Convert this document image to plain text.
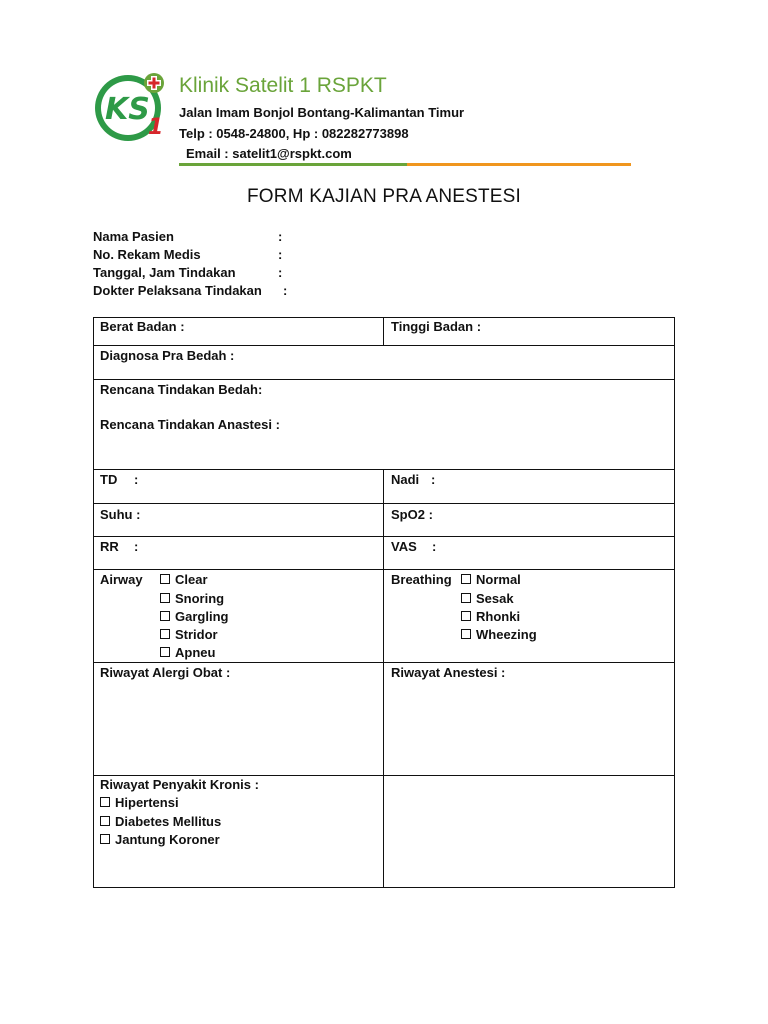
KS
1
Klinik Satelit 1 RSPKT
Jalan Imam Bonjol Bontang-Kalimantan Timur
Telp : 0548-24800, Hp : 082282773898
Email : satelit1@rspkt.com
FORM KAJIAN PRA ANESTESI
Nama Pasien	:
No. Rekam Medis	:
Tanggal, Jam Tindakan	:
Dokter Pelaksana Tindakan :
Berat Badan :	Tinggi Badan :
Diagnosa Pra Bedah :
Rencana Tindakan Bedah:
Rencana Tindakan Anastesi :
TD :	Nadi :
Suhu :	SpO2 :
RR :	VAS :
Airway	Clear
Snoring
Gargling
Stridor
Apneu
Breathing	Normal
Sesak
Rhonki
Wheezing
Riwayat Alergi Obat :	Riwayat Anestesi :
Riwayat Penyakit Kronis :
Hipertensi
Diabetes Mellitus
Jantung Koroner
